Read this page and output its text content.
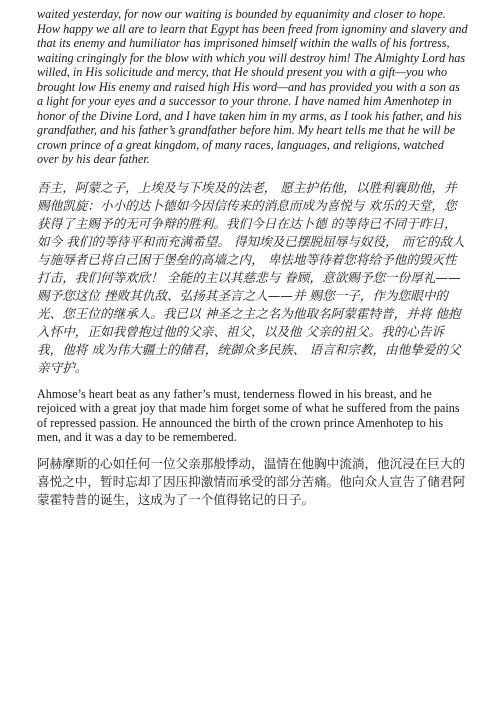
waited yesterday, for now our waiting is bounded by equanimity and closer to hope. How happy we all are to learn that Egypt has been freed from ignominy and slavery and that its enemy and humiliator has imprisoned himself within the walls of his fortress, waiting cringingly for the blow with which you will destroy him! The Almighty Lord has willed, in His solicitude and mercy, that He should present you with a gift—you who brought low His enemy and raised high His word—and has provided you with a son as a light for your eyes and a successor to your throne. I have named him Amenhotep in honor of the Divine Lord, and I have taken him in my arms, as I took his father, and his grandfather, and his father’s grandfather before him. My heart tells me that he will be crown prince of a great kingdom, of many races, languages, and religions, watched over by his dear father.

吾主，阿蒙之子，上埃及与下埃及的法老， 愿主护佑他，以胜利襄助他，并赐他凯旋：小小的达卜德如今因信传来的消息而成为喜悦与 欢乐的天堂，您获得了主赐予的无可争辩的胜利。我们今日在达卜德 的等待已不同于昨日，如今 我们的等待平和而充满希望。 得知埃及已摆脱屈辱与奴役， 而它的敌人与施辱者已将自己困于堡垒的高墙之内， 卑怯地等待着您将给予他的毁灭性打击，我们何等欢欣！ 全能的主以其慈悲与 眷顾，意欲赐予您一份厚礼——赐予您这位 挫败其仇敌、弘扬其圣言之人——并 赐您一子，作为您眼中的光、您王位的继承人。我已以 神圣之主之名为他取名阿蒙霍特普，并将 他抱入怀中，正如我曾抱过他的父亲、祖父，以及他 父亲的祖父。我的心告诉我，他将 成为伟大疆土的储君，统御众多民族、 语言和宗教，由他挚爱的父亲守护。

Ahmose’s heart beat as any father’s must, tenderness flowed in his breast, and he rejoiced with a great joy that made him forget some of what he suffered from the pains of repressed passion. He announced the birth of the crown prince Amenhotep to his men, and it was a day to be remembered.

阿赫摩斯的心如任何一位父亲那般悸动，温情在他胸中流淌，他沉浸在巨大的喜悦之中，暂时忘却了因压抑激情而承受的部分苦痛。他向众人宣告了储君阿蒙霍特普的诞生，这成为了一个值得铭记的日子。
